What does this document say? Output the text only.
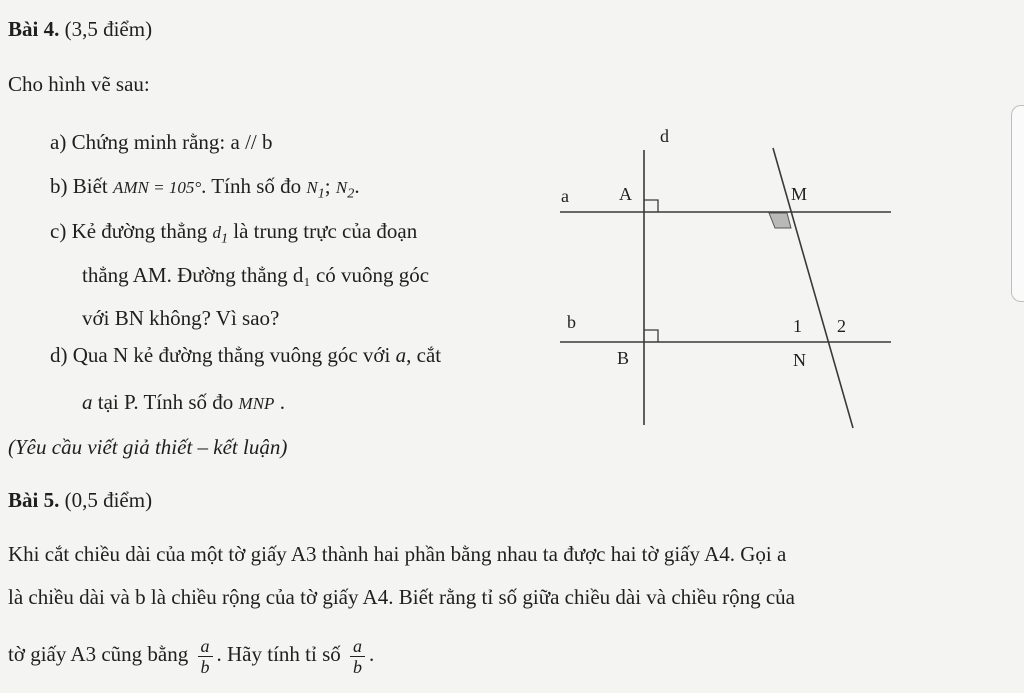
Bài 4. (3,5 điểm)
Cho hình vẽ sau:
a) Chứng minh rằng: a // b
b) Biết AMN = 105°. Tính số đo $N_1$; $N_2$.
c) Kẻ đường thẳng $d_1$ là trung trực của đoạn
thẳng AM. Đường thẳng d₁ có vuông góc
với BN không? Vì sao?
d) Qua N kẻ đường thẳng vuông góc với a, cắt
a tại P. Tính số đo MNP .
(Yêu cầu viết giả thiết – kết luận)
d
a	A	M
b
B
1 2
N
Bài 5. (0,5 điểm)
Khi cắt chiều dài của một tờ giấy A3 thành hai phần bằng nhau ta được hai tờ giấy A4. Gọi a
là chiều dài và b là chiều rộng của tờ giấy A4. Biết rằng tỉ số giữa chiều dài và chiều rộng của
tờ giấy A3 cũng bằng $\frac{a}{b}$ . Hãy tính tỉ số $\frac{a}{b}$ .
